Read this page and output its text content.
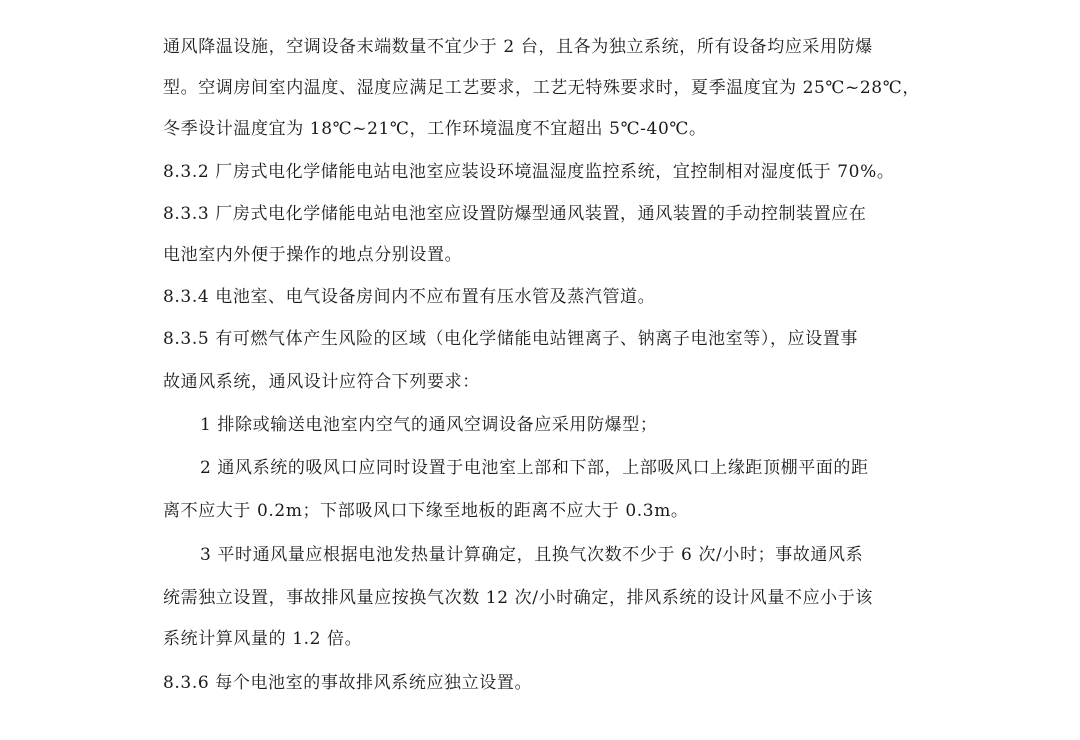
通风降温设施，空调设备末端数量不宜少于 2 台，且各为独立系统，所有设备均应采用防爆
型。空调房间室内温度、湿度应满足工艺要求，工艺无特殊要求时，夏季温度宜为 25℃~28℃，
冬季设计温度宜为 18℃~21℃，工作环境温度不宜超出 5℃-40℃。
8.3.2 厂房式电化学储能电站电池室应装设环境温湿度监控系统，宜控制相对湿度低于 70%。
8.3.3 厂房式电化学储能电站电池室应设置防爆型通风装置，通风装置的手动控制装置应在
电池室内外便于操作的地点分别设置。
8.3.4 电池室、电气设备房间内不应布置有压水管及蒸汽管道。
8.3.5 有可燃气体产生风险的区域（电化学储能电站锂离子、钠离子电池室等），应设置事
故通风系统，通风设计应符合下列要求：
1 排除或输送电池室内空气的通风空调设备应采用防爆型；
2 通风系统的吸风口应同时设置于电池室上部和下部，上部吸风口上缘距顶棚平面的距
离不应大于 0.2m；下部吸风口下缘至地板的距离不应大于 0.3m。
3 平时通风量应根据电池发热量计算确定，且换气次数不少于 6 次/小时；事故通风系
统需独立设置，事故排风量应按换气次数 12 次/小时确定，排风系统的设计风量不应小于该
系统计算风量的 1.2 倍。
8.3.6 每个电池室的事故排风系统应独立设置。
